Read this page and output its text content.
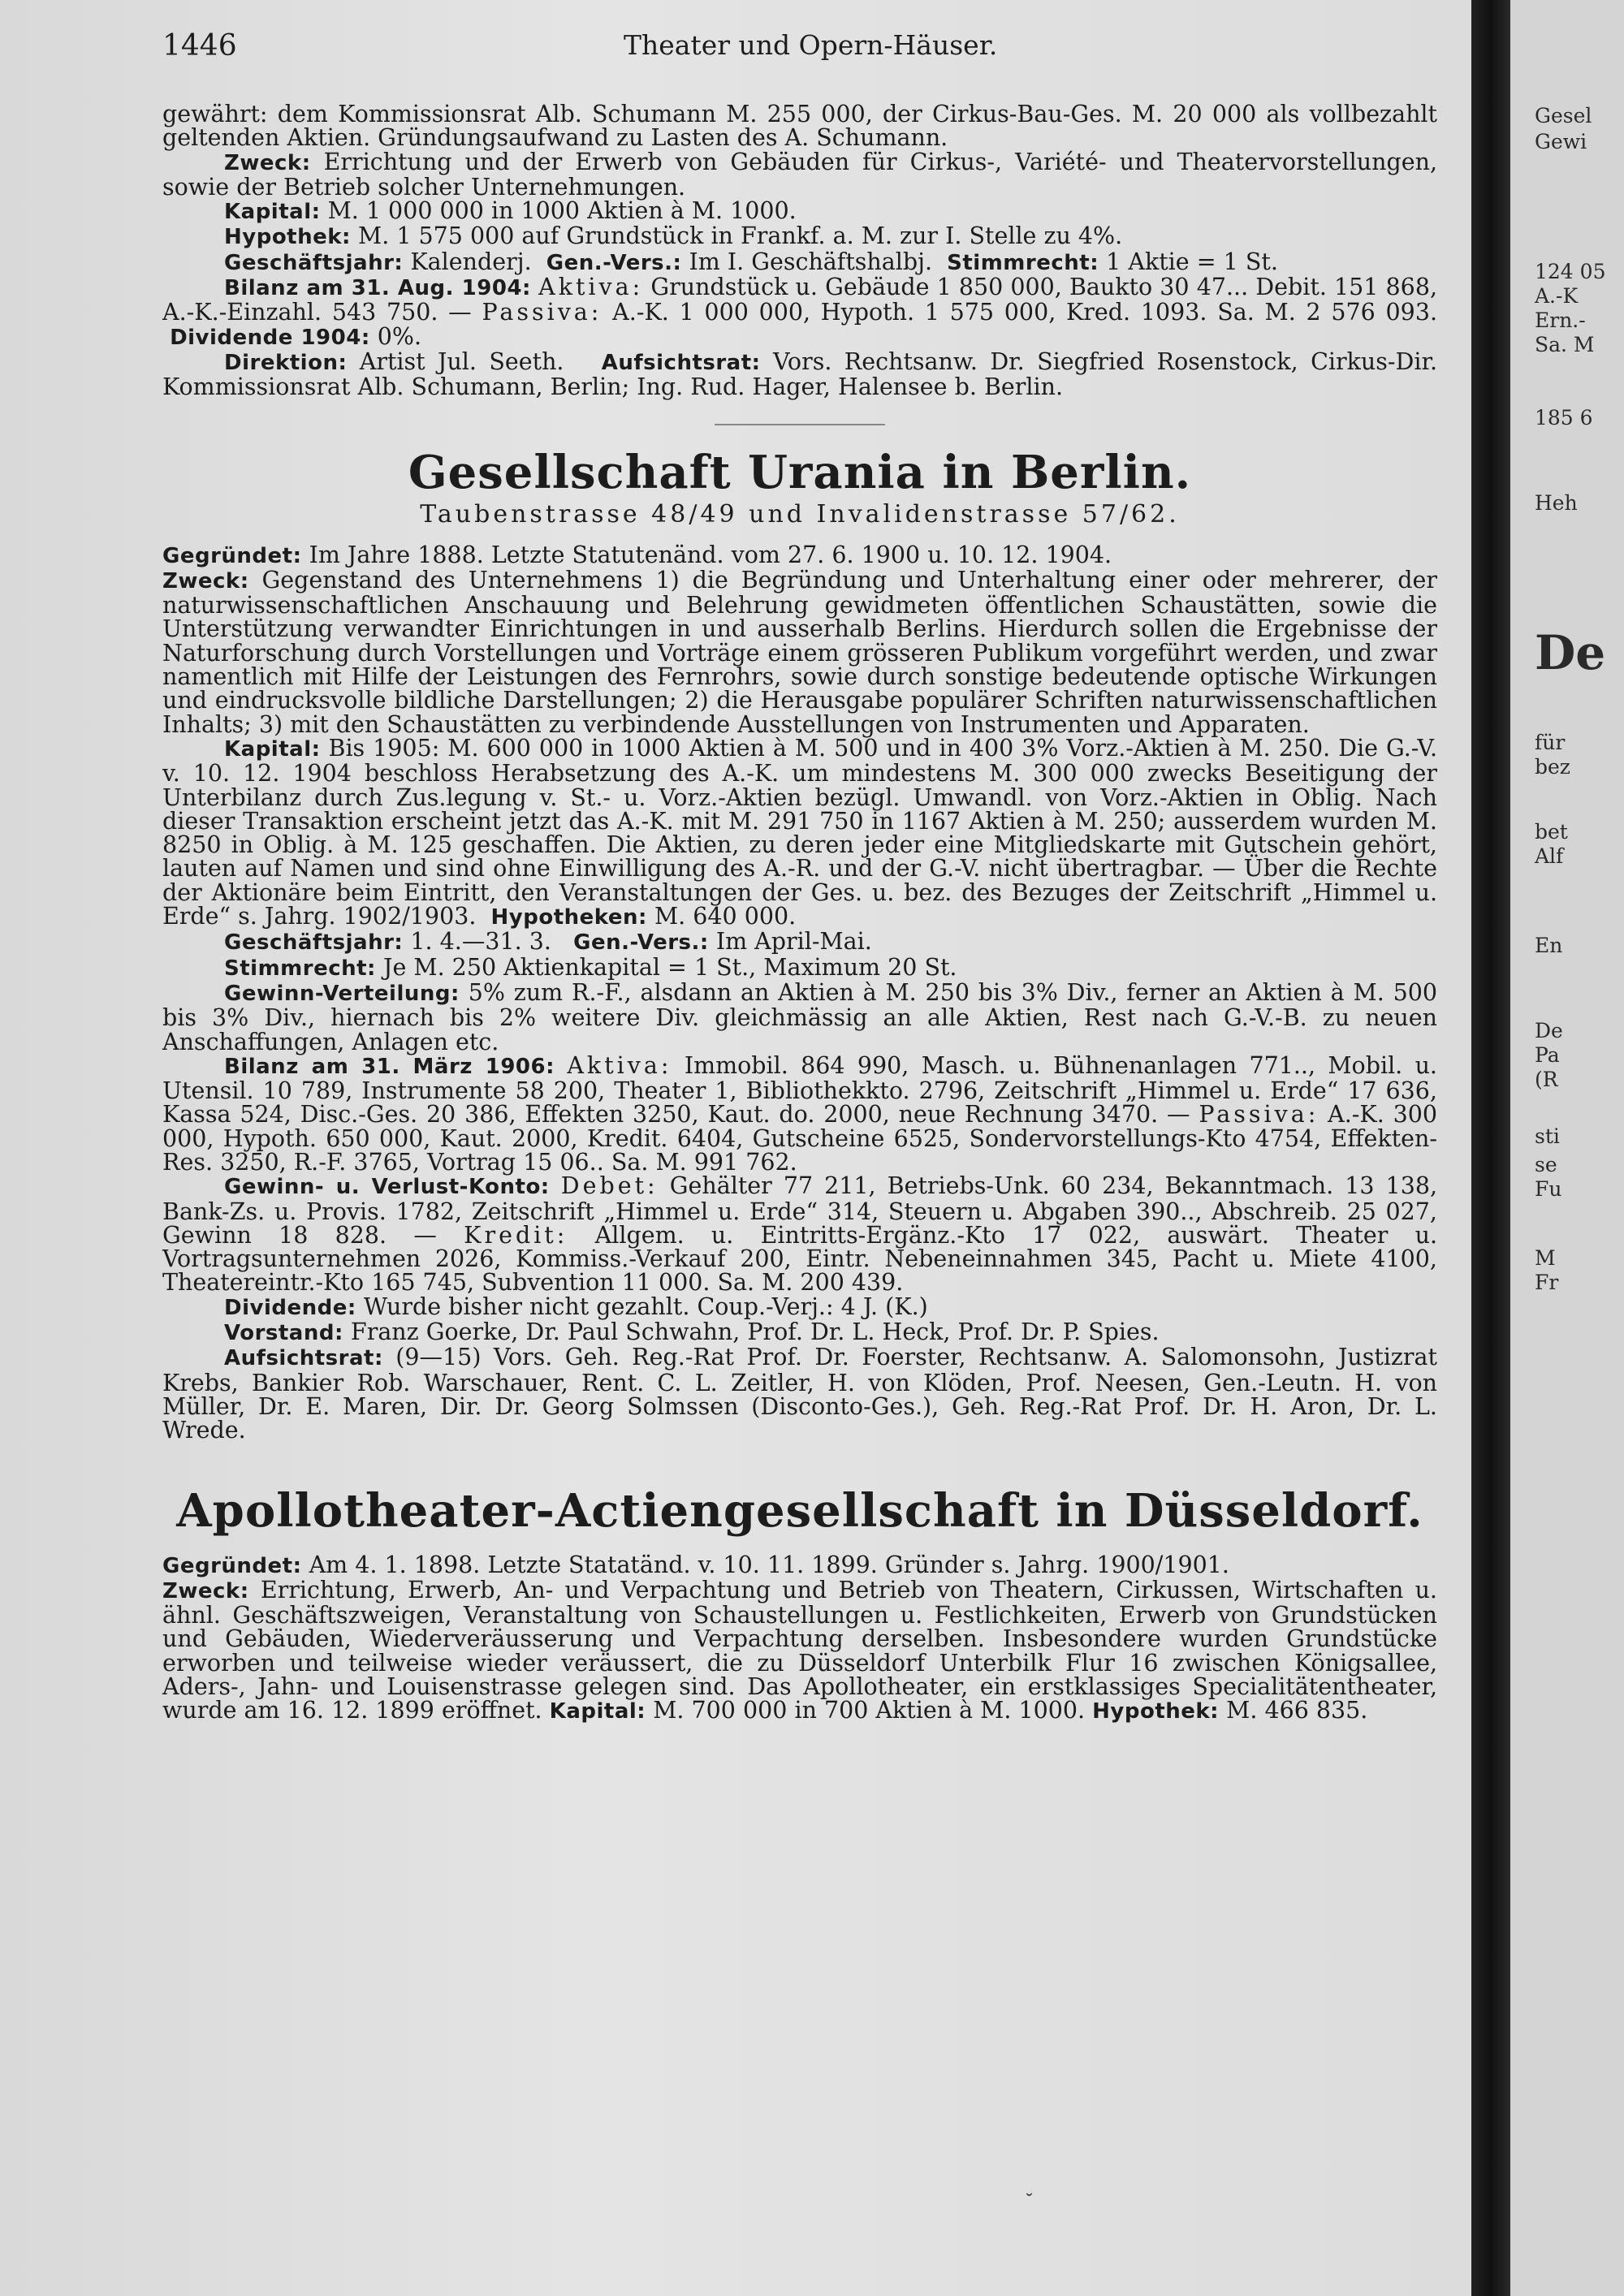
1446	Theater und Opern-Häuser.

gewährt: dem Kommissionsrat Alb. Schumann M. 255 000, der Cirkus-Bau-Ges. M. 20 000 als vollbezahlt geltenden Aktien. Gründungsaufwand zu Lasten des A. Schumann.

Zweck: Errichtung und der Erwerb von Gebäuden für Cirkus-, Variété- und Theatervorstellungen, sowie der Betrieb solcher Unternehmungen.

Kapital: M. 1 000 000 in 1000 Aktien à M. 1000.

Hypothek: M. 1 575 000 auf Grundstück in Frankf. a. M. zur I. Stelle zu 4%.

Geschäftsjahr: Kalenderj. Gen.-Vers.: Im I. Geschäftshalbj. Stimmrecht: 1 Aktie = 1 St.

Bilanz am 31. Aug. 1904: Aktiva: Grundstück u. Gebäude 1 850 000, Baukto 30 47... Debit. 151 868, A.-K.-Einzahl. 543 750. — Passiva: A.-K. 1 000 000, Hypoth. 1 575 000, Kred. 1093. Sa. M. 2 576 093.  Dividende 1904: 0%.

Direktion: Artist Jul. Seeth. Aufsichtsrat: Vors. Rechtsanw. Dr. Siegfried Rosenstock, Cirkus-Dir. Kommissionsrat Alb. Schumann, Berlin; Ing. Rud. Hager, Halensee b. Berlin.

Gesellschaft Urania in Berlin.
Taubenstrasse 48/49 und Invalidenstrasse 57/62.

Gegründet: Im Jahre 1888. Letzte Statutenänd. vom 27. 6. 1900 u. 10. 12. 1904.

Zweck: Gegenstand des Unternehmens 1) die Begründung und Unterhaltung einer oder mehrerer, der naturwissenschaftlichen Anschauung und Belehrung gewidmeten öffentlichen Schaustätten, sowie die Unterstützung verwandter Einrichtungen in und ausserhalb Berlins. Hierdurch sollen die Ergebnisse der Naturforschung durch Vorstellungen und Vorträge einem grösseren Publikum vorgeführt werden, und zwar namentlich mit Hilfe der Leistungen des Fernrohrs, sowie durch sonstige bedeutende optische Wirkungen und eindrucksvolle bildliche Darstellungen; 2) die Herausgabe populärer Schriften naturwissenschaftlichen Inhalts; 3) mit den Schaustätten zu verbindende Ausstellungen von Instrumenten und Apparaten.

Kapital: Bis 1905: M. 600 000 in 1000 Aktien à M. 500 und in 400 3% Vorz.-Aktien à M. 250. Die G.-V. v. 10. 12. 1904 beschloss Herabsetzung des A.-K. um mindestens M. 300 000 zwecks Beseitigung der Unterbilanz durch Zus.legung v. St.- u. Vorz.-Aktien bezügl. Umwandl. von Vorz.-Aktien in Oblig. Nach dieser Transaktion erscheint jetzt das A.-K. mit M. 291 750 in 1167 Aktien à M. 250; ausserdem wurden M. 8250 in Oblig. à M. 125 geschaffen. Die Aktien, zu deren jeder eine Mitgliedskarte mit Gutschein gehört, lauten auf Namen und sind ohne Einwilligung des A.-R. und der G.-V. nicht übertragbar. — Über die Rechte der Aktionäre beim Eintritt, den Veranstaltungen der Ges. u. bez. des Bezuges der Zeitschrift „Himmel u. Erde“ s. Jahrg. 1902/1903. Hypotheken: M. 640 000.

Geschäftsjahr: 1. 4.—31. 3. Gen.-Vers.: Im April-Mai.

Stimmrecht: Je M. 250 Aktienkapital = 1 St., Maximum 20 St.

Gewinn-Verteilung: 5% zum R.-F., alsdann an Aktien à M. 250 bis 3% Div., ferner an Aktien à M. 500 bis 3% Div., hiernach bis 2% weitere Div. gleichmässig an alle Aktien, Rest nach G.-V.-B. zu neuen Anschaffungen, Anlagen etc.

Bilanz am 31. März 1906: Aktiva: Immobil. 864 990, Masch. u. Bühnenanlagen 771.., Mobil. u. Utensil. 10 789, Instrumente 58 200, Theater 1, Bibliothekkto. 2796, Zeitschrift „Himmel u. Erde“ 17 636, Kassa 524, Disc.-Ges. 20 386, Effekten 3250, Kaut. do. 2000, neue Rechnung 3470. — Passiva: A.-K. 300 000, Hypoth. 650 000, Kaut. 2000, Kredit. 6404, Gutscheine 6525, Sondervorstellungs-Kto 4754, Effekten-Res. 3250, R.-F. 3765, Vortrag 15 06.. Sa. M. 991 762.

Gewinn- u. Verlust-Konto: Debet: Gehälter 77 211, Betriebs-Unk. 60 234, Bekanntmach. 13 138, Bank-Zs. u. Provis. 1782, Zeitschrift „Himmel u. Erde“ 314, Steuern u. Abgaben 390.., Abschreib. 25 027, Gewinn 18 828. — Kredit: Allgem. u. Eintritts-Ergänz.-Kto 17 022, auswärt. Theater u. Vortragsunternehmen 2026, Kommiss.-Verkauf 200, Eintr. Nebeneinnahmen 345, Pacht u. Miete 4100, Theatereintr.-Kto 165 745, Subvention 11 000. Sa. M. 200 439.

Dividende: Wurde bisher nicht gezahlt. Coup.-Verj.: 4 J. (K.)

Vorstand: Franz Goerke, Dr. Paul Schwahn, Prof. Dr. L. Heck, Prof. Dr. P. Spies.

Aufsichtsrat: (9—15) Vors. Geh. Reg.-Rat Prof. Dr. Foerster, Rechtsanw. A. Salomonsohn, Justizrat Krebs, Bankier Rob. Warschauer, Rent. C. L. Zeitler, H. von Klöden, Prof. Neesen, Gen.-Leutn. H. von Müller, Dr. E. Maren, Dir. Dr. Georg Solmssen (Disconto-Ges.), Geh. Reg.-Rat Prof. Dr. H. Aron, Dr. L. Wrede.

Apollotheater-Actiengesellschaft in Düsseldorf.

Gegründet: Am 4. 1. 1898. Letzte Statatänd. v. 10. 11. 1899. Gründer s. Jahrg. 1900/1901.

Zweck: Errichtung, Erwerb, An- und Verpachtung und Betrieb von Theatern, Cirkussen, Wirtschaften u. ähnl. Geschäftszweigen, Veranstaltung von Schaustellungen u. Festlichkeiten, Erwerb von Grundstücken und Gebäuden, Wiederveräusserung und Verpachtung derselben. Insbesondere wurden Grundstücke erworben und teilweise wieder veräussert, die zu Düsseldorf Unterbilk Flur 16 zwischen Königsallee, Aders-, Jahn- und Louisenstrasse gelegen sind. Das Apollotheater, ein erstklassiges Specialitätentheater, wurde am 16. 12. 1899 eröffnet. Kapital: M. 700 000 in 700 Aktien à M. 1000. Hypothek: M. 466 835.

˘
Gesel
Gewi
124 05
A.-K
Ern.-
Sa. M
185 6
Heh
De
für
bez
bet
Alf
En
De
Pa
(R
sti
se
Fu
M
Fr
